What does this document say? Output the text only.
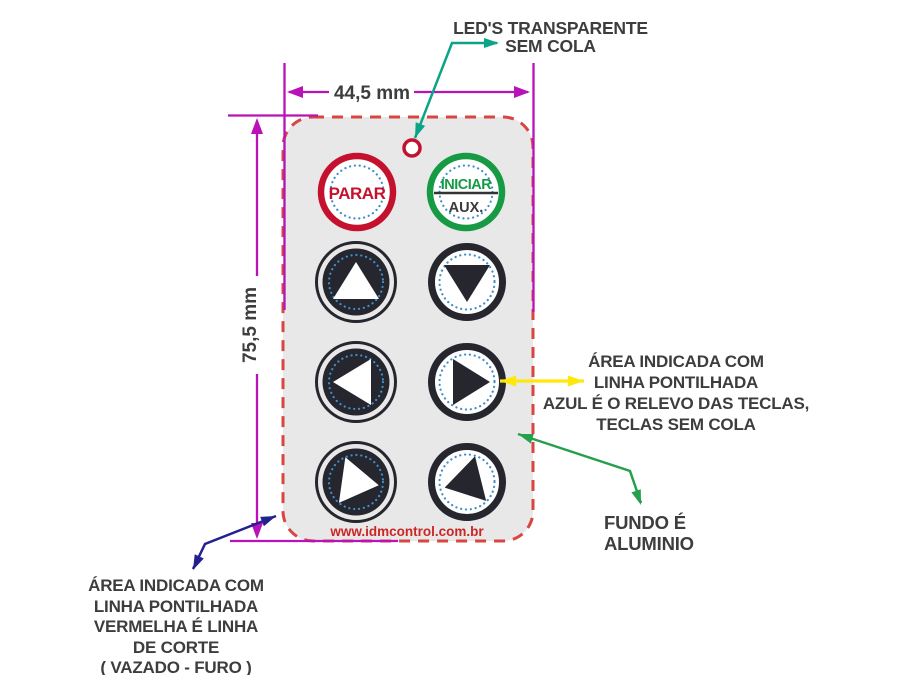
PARAR	INICIAR
AUX.
www.idmcontrol.com.br
44,5 mm
75,5 mm
LED'S TRANSPARENTE
SEM COLA
ÁREA INDICADA COM
LINHA PONTILHADA
AZUL É O RELEVO DAS TECLAS,
TECLAS SEM COLA
FUNDO É
ALUMINIO
ÁREA INDICADA COM
LINHA PONTILHADA
VERMELHA É LINHA
DE CORTE
( VAZADO - FURO )
